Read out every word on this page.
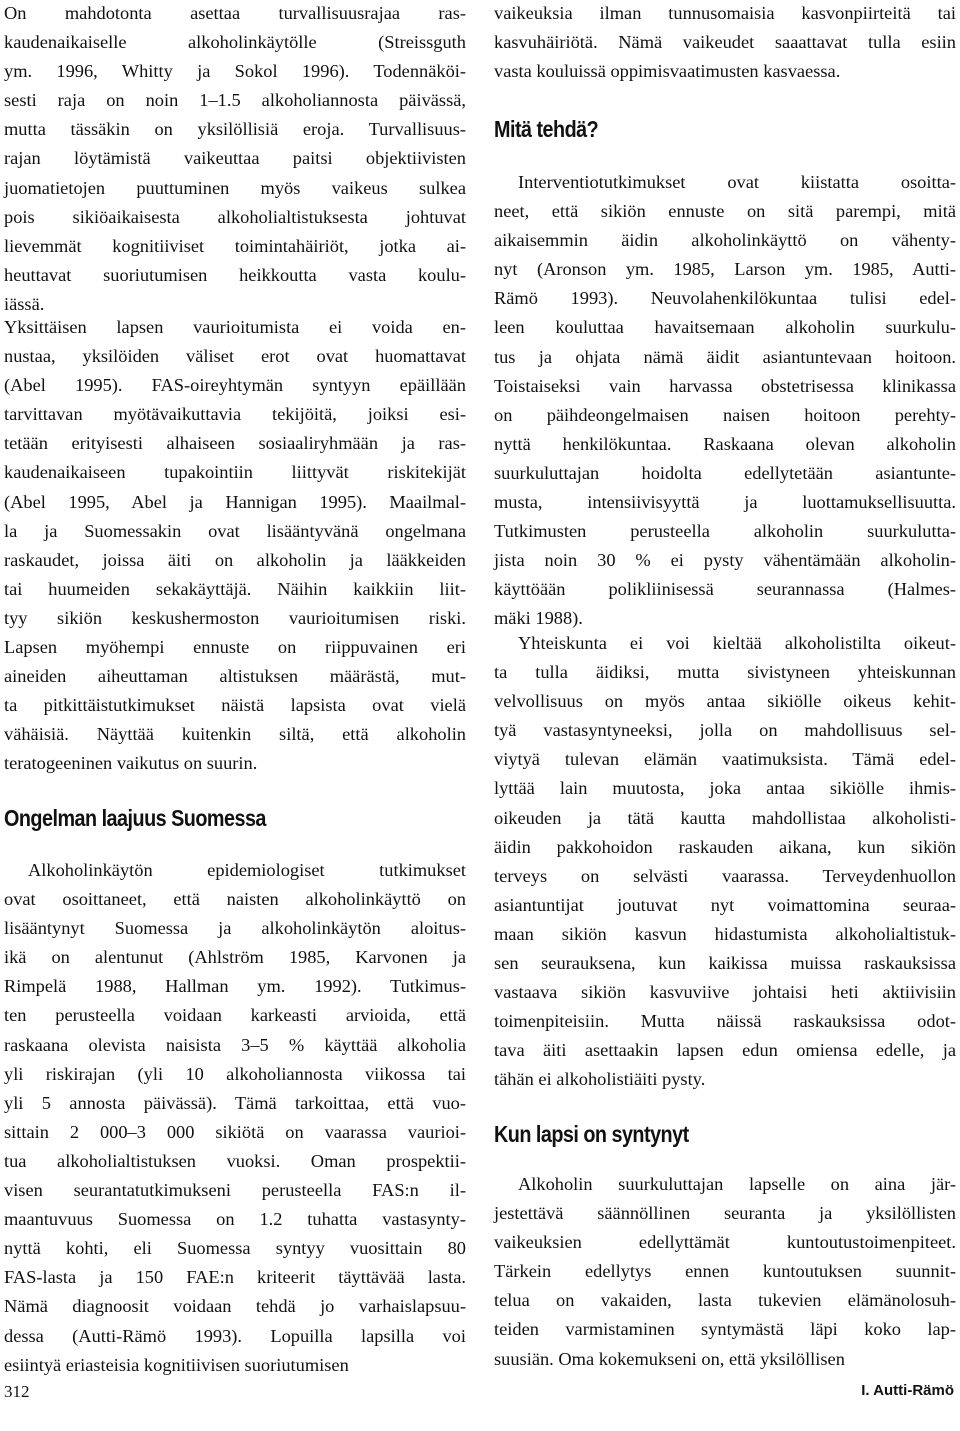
On mahdotonta asettaa turvallisuusrajaa ras-
kaudenaikaiselle alkoholinkäytölle (Streissguth
ym. 1996, Whitty ja Sokol 1996). Todennäköi-
sesti raja on noin 1–1.5 alkoholiannosta päivässä,
mutta tässäkin on yksilöllisiä eroja. Turvallisuus-
rajan löytämistä vaikeuttaa paitsi objektiivisten
juomatietojen puuttuminen myös vaikeus sulkea
pois sikiöaikaisesta alkoholialtistuksesta johtuvat
lievemmät kognitiiviset toimintahäiriöt, jotka ai-
heuttavat suoriutumisen heikkoutta vasta koulu-
iässä.
Yksittäisen lapsen vaurioitumista ei voida en-
nustaa, yksilöiden väliset erot ovat huomattavat
(Abel 1995). FAS-oireyhtymän syntyyn epäillään
tarvittavan myötävaikuttavia tekijöitä, joiksi esi-
tetään erityisesti alhaiseen sosiaaliryhmään ja ras-
kaudenaikaiseen tupakointiin liittyvät riskitekijät
(Abel 1995, Abel ja Hannigan 1995). Maailmal-
la ja Suomessakin ovat lisääntyvänä ongelmana
raskaudet, joissa äiti on alkoholin ja lääkkeiden
tai huumeiden sekakäyttäjä. Näihin kaikkiin liit-
tyy sikiön keskushermoston vaurioitumisen riski.
Lapsen myöhempi ennuste on riippuvainen eri
aineiden aiheuttaman altistuksen määrästä, mut-
ta pitkittäistutkimukset näistä lapsista ovat vielä
vähäisiä. Näyttää kuitenkin siltä, että alkoholin
teratogeeninen vaikutus on suurin.
Alkoholinkäytön epidemiologiset tutkimukset
ovat osoittaneet, että naisten alkoholinkäyttö on
lisääntynyt Suomessa ja alkoholinkäytön aloitus-
ikä on alentunut (Ahlström 1985, Karvonen ja
Rimpelä 1988, Hallman ym. 1992). Tutkimus-
ten perusteella voidaan karkeasti arvioida, että
raskaana olevista naisista 3–5 % käyttää alkoholia
yli riskirajan (yli 10 alkoholiannosta viikossa tai
yli 5 annosta päivässä). Tämä tarkoittaa, että vuo-
sittain 2 000–3 000 sikiötä on vaarassa vaurioi-
tua alkoholialtistuksen vuoksi. Oman prospektii-
visen seurantatutkimukseni perusteella FAS:n il-
maantuvuus Suomessa on 1.2 tuhatta vastasynty-
nyttä kohti, eli Suomessa syntyy vuosittain 80
FAS-lasta ja 150 FAE:n kriteerit täyttävää lasta.
Nämä diagnoosit voidaan tehdä jo varhaislapsuu-
dessa (Autti-Rämö 1993). Lopuilla lapsilla voi
esiintyä eriasteisia kognitiivisen suoriutumisen
vaikeuksia ilman tunnusomaisia kasvonpiirteitä tai
kasvuhäiriötä. Nämä vaikeudet saaattavat tulla esiin
vasta kouluissä oppimisvaatimusten kasvaessa.
Interventiotutkimukset ovat kiistatta osoitta-
neet, että sikiön ennuste on sitä parempi, mitä
aikaisemmin äidin alkoholinkäyttö on vähenty-
nyt (Aronson ym. 1985, Larson ym. 1985, Autti-
Rämö 1993). Neuvolahenkilökuntaa tulisi edel-
leen kouluttaa havaitsemaan alkoholin suurkulu-
tus ja ohjata nämä äidit asiantuntevaan hoitoon.
Toistaiseksi vain harvassa obstetrisessa klinikassa
on päihdeongelmaisen naisen hoitoon perehty-
nyttä henkilökuntaa. Raskaana olevan alkoholin
suurkuluttajan hoidolta edellytetään asiantunte-
musta, intensiivisyyttä ja luottamuksellisuutta.
Tutkimusten perusteella alkoholin suurkulutta-
jista noin 30 % ei pysty vähentämään alkoholin-
käyttöään polikliinisessä seurannassa (Halmes-
mäki 1988).
Yhteiskunta ei voi kieltää alkoholistilta oikeut-
ta tulla äidiksi, mutta sivistyneen yhteiskunnan
velvollisuus on myös antaa sikiölle oikeus kehit-
tyä vastasyntyneeksi, jolla on mahdollisuus sel-
viytyä tulevan elämän vaatimuksista. Tämä edel-
lyttää lain muutosta, joka antaa sikiölle ihmis-
oikeuden ja tätä kautta mahdollistaa alkoholisti-
äidin pakkohoidon raskauden aikana, kun sikiön
terveys on selvästi vaarassa. Terveydenhuollon
asiantuntijat joutuvat nyt voimattomina seuraa-
maan sikiön kasvun hidastumista alkoholialtistuk-
sen seurauksena, kun kaikissa muissa raskauksissa
vastaava sikiön kasvuviive johtaisi heti aktiivisiin
toimenpiteisiin. Mutta näissä raskauksissa odot-
tava äiti asettaakin lapsen edun omiensa edelle, ja
tähän ei alkoholistiäiti pysty.
Alkoholin suurkuluttajan lapselle on aina jär-
jestettävä säännöllinen seuranta ja yksilöllisten
vaikeuksien edellyttämät kuntoutustoimenpiteet.
Tärkein edellytys ennen kuntoutuksen suunnit-
telua on vakaiden, lasta tukevien elämänolosuh-
teiden varmistaminen syntymästä läpi koko lap-
suusiän. Oma kokemukseni on, että yksilöllisen
Ongelman laajuus Suomessa
Mitä tehdä?
Kun lapsi on syntynyt
312	I. Autti-Rämö
